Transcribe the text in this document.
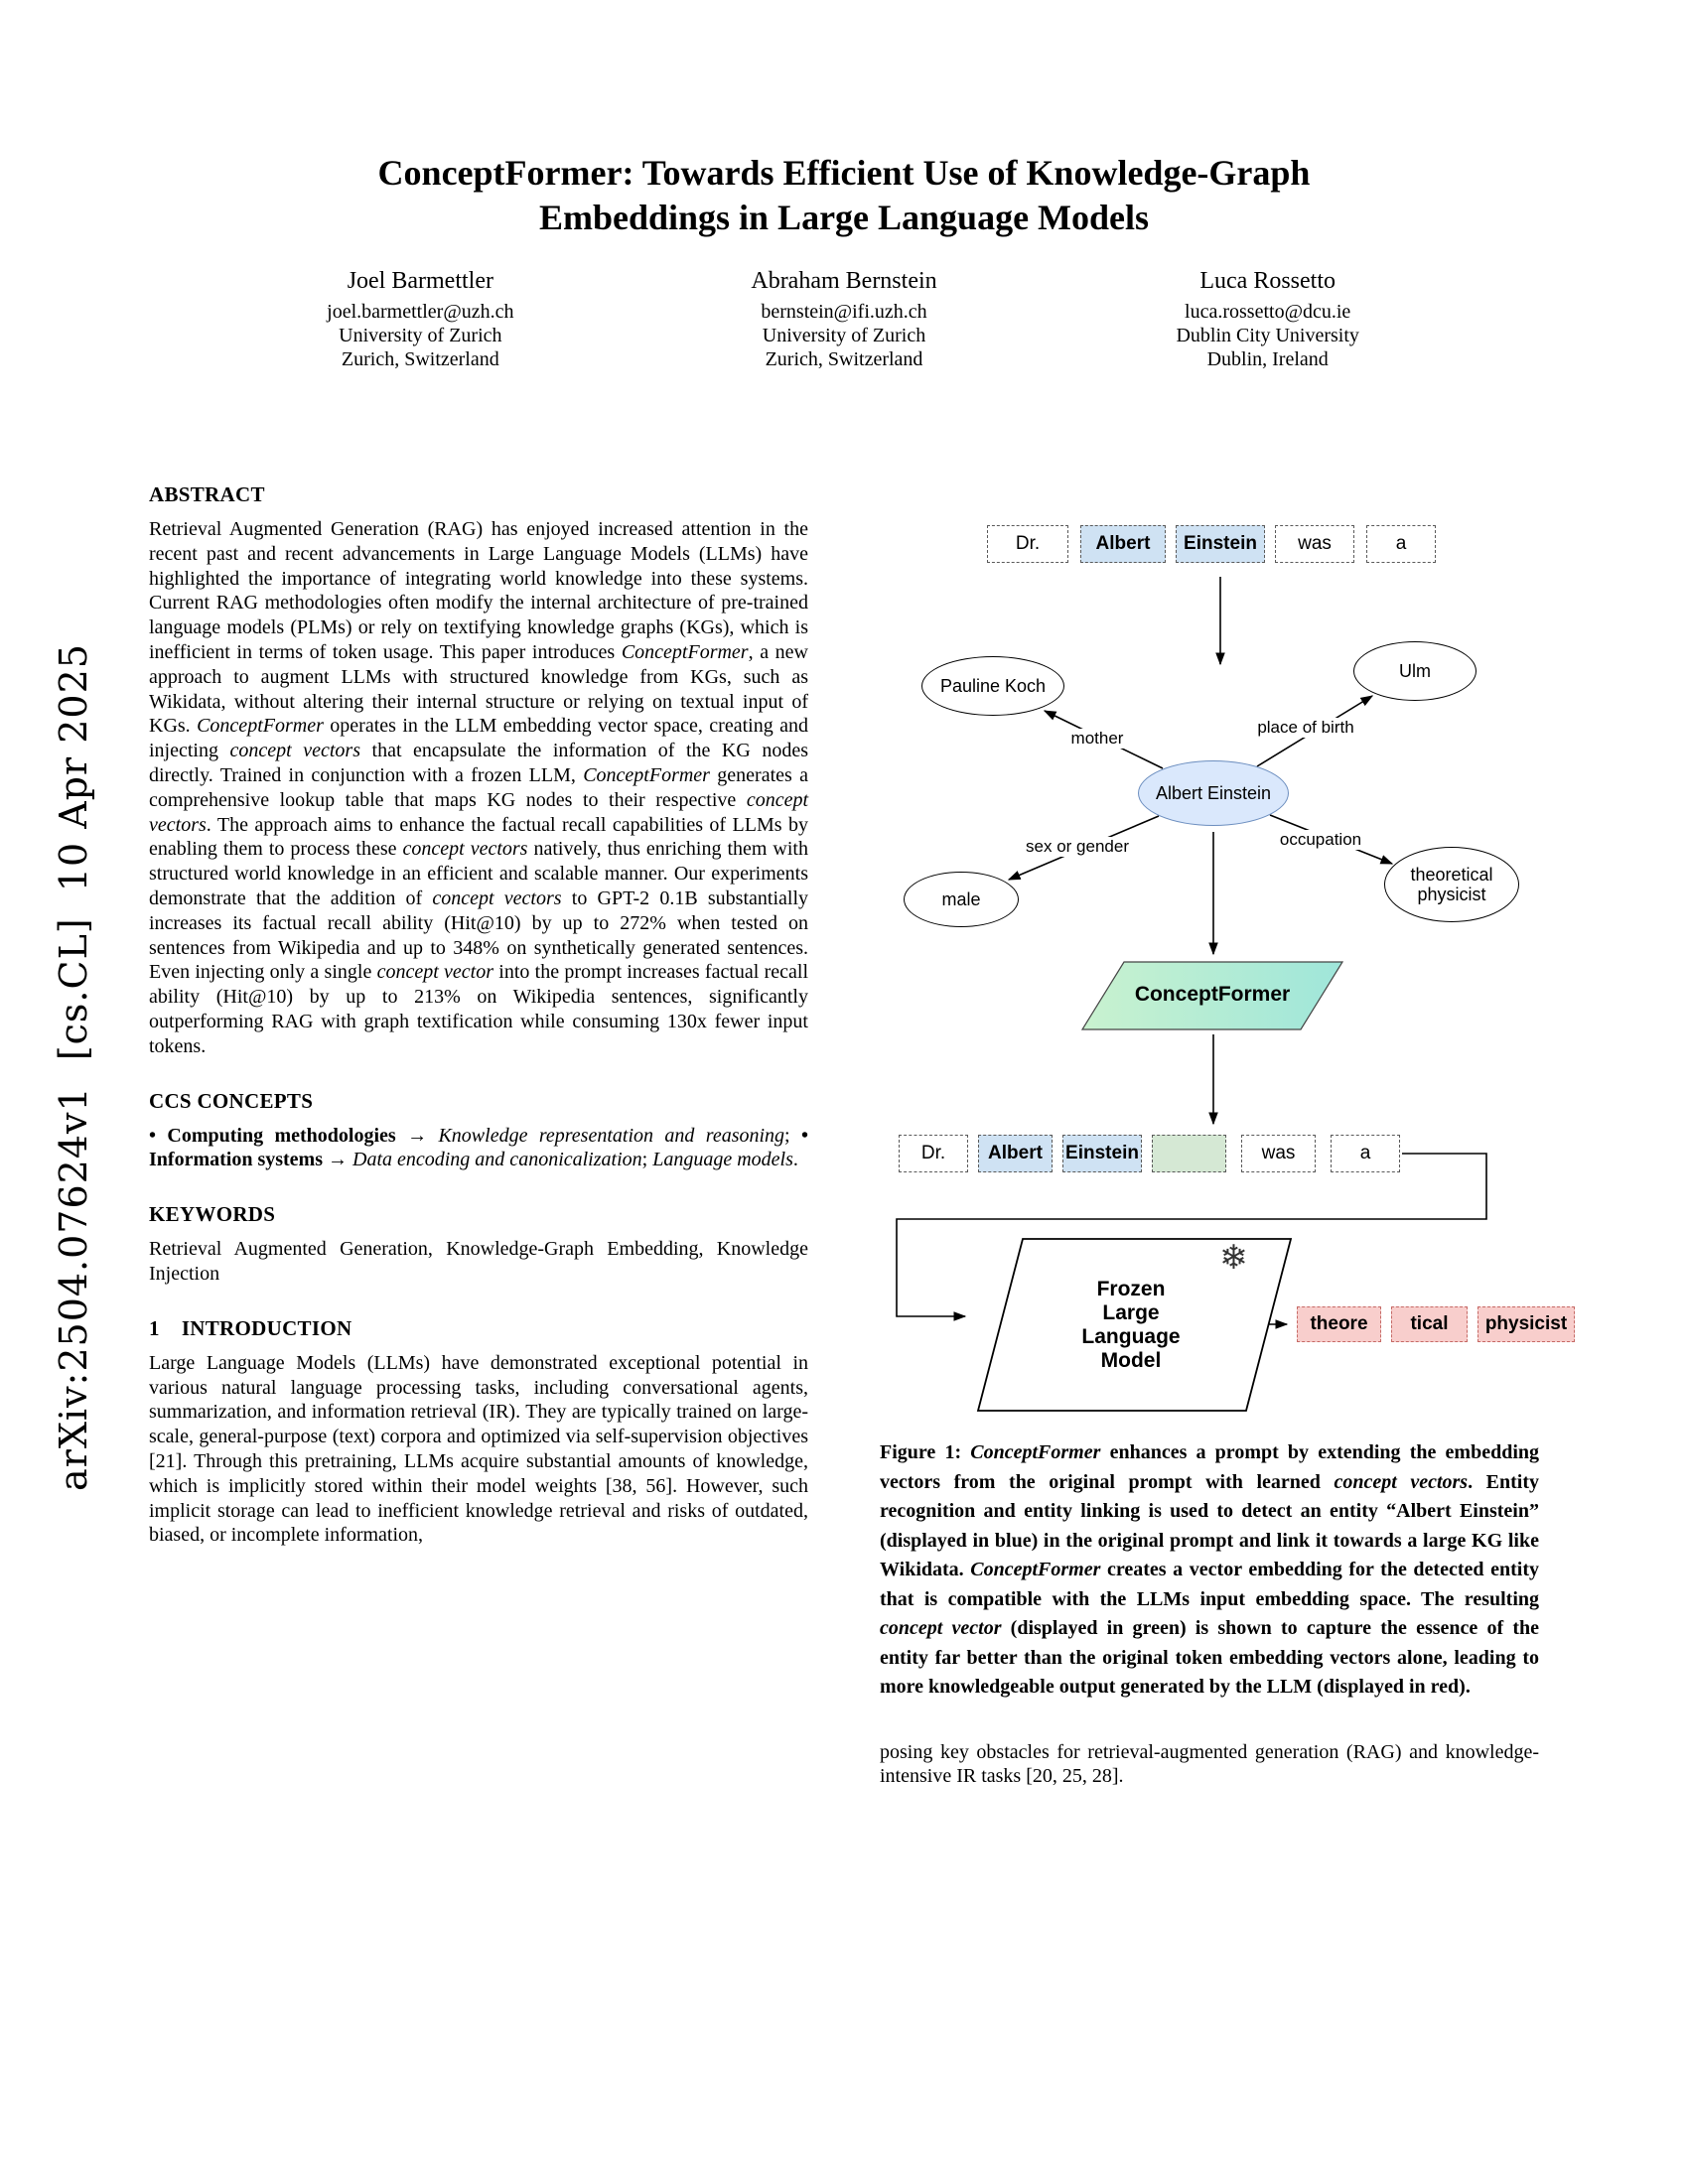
arXiv:2504.07624v1  [cs.CL]  10 Apr 2025
ConceptFormer: Towards Efficient Use of Knowledge-Graph
Embeddings in Large Language Models
Joel Barmettler
joel.barmettler@uzh.ch
University of Zurich
Zurich, Switzerland
Abraham Bernstein
bernstein@ifi.uzh.ch
University of Zurich
Zurich, Switzerland
Luca Rossetto
luca.rossetto@dcu.ie
Dublin City University
Dublin, Ireland
ABSTRACT

Retrieval Augmented Generation (RAG) has enjoyed increased attention in the recent past and recent advancements in Large Language Models (LLMs) have highlighted the importance of integrating world knowledge into these systems. Current RAG methodologies often modify the internal architecture of pre-trained language models (PLMs) or rely on textifying knowledge graphs (KGs), which is inefficient in terms of token usage. This paper introduces ConceptFormer, a new approach to augment LLMs with structured knowledge from KGs, such as Wikidata, without altering their internal structure or relying on textual input of KGs. ConceptFormer operates in the LLM embedding vector space, creating and injecting concept vectors that encapsulate the information of the KG nodes directly. Trained in conjunction with a frozen LLM, ConceptFormer generates a comprehensive lookup table that maps KG nodes to their respective concept vectors. The approach aims to enhance the factual recall capabilities of LLMs by enabling them to process these concept vectors natively, thus enriching them with structured world knowledge in an efficient and scalable manner. Our experiments demonstrate that the addition of concept vectors to GPT-2 0.1B substantially increases its factual recall ability (Hit@10) by up to 272% when tested on sentences from Wikipedia and up to 348% on synthetically generated sentences. Even injecting only a single concept vector into the prompt increases factual recall ability (Hit@10) by up to 213% on Wikipedia sentences, significantly outperforming RAG with graph textification while consuming 130x fewer input tokens.

CCS CONCEPTS

• Computing methodologies → Knowledge representation and reasoning; • Information systems → Data encoding and canonicalization; Language models.

KEYWORDS

Retrieval Augmented Generation, Knowledge-Graph Embedding, Knowledge Injection

1 INTRODUCTION

Large Language Models (LLMs) have demonstrated exceptional potential in various natural language processing tasks, including conversational agents, summarization, and information retrieval (IR). They are typically trained on large-scale, general-purpose (text) corpora and optimized via self-supervision objectives [21]. Through this pretraining, LLMs acquire substantial amounts of knowledge, which is implicitly stored within their model weights [38, 56]. However, such implicit storage can lead to inefficient knowledge retrieval and risks of outdated, biased, or incomplete information,

Dr.	Albert	Einstein	was	a
Pauline Koch
Ulm
Albert Einstein
male
theoretical physicist
mother
place of birth
sex or gender	occupation
ConceptFormer
Dr.	Albert	Einstein	was	a
Frozen
Large
Language
Model
❄
theore	tical	physicist

Figure 1: ConceptFormer enhances a prompt by extending the embedding vectors from the original prompt with learned concept vectors. Entity recognition and entity linking is used to detect an entity “Albert Einstein” (displayed in blue) in the original prompt and link it towards a large KG like Wikidata. ConceptFormer creates a vector embedding for the detected entity that is compatible with the LLMs input embedding space. The resulting concept vector (displayed in green) is shown to capture the essence of the entity far better than the original token embedding vectors alone, leading to more knowledgeable output generated by the LLM (displayed in red).

posing key obstacles for retrieval-augmented generation (RAG) and knowledge-intensive IR tasks [20, 25, 28].
